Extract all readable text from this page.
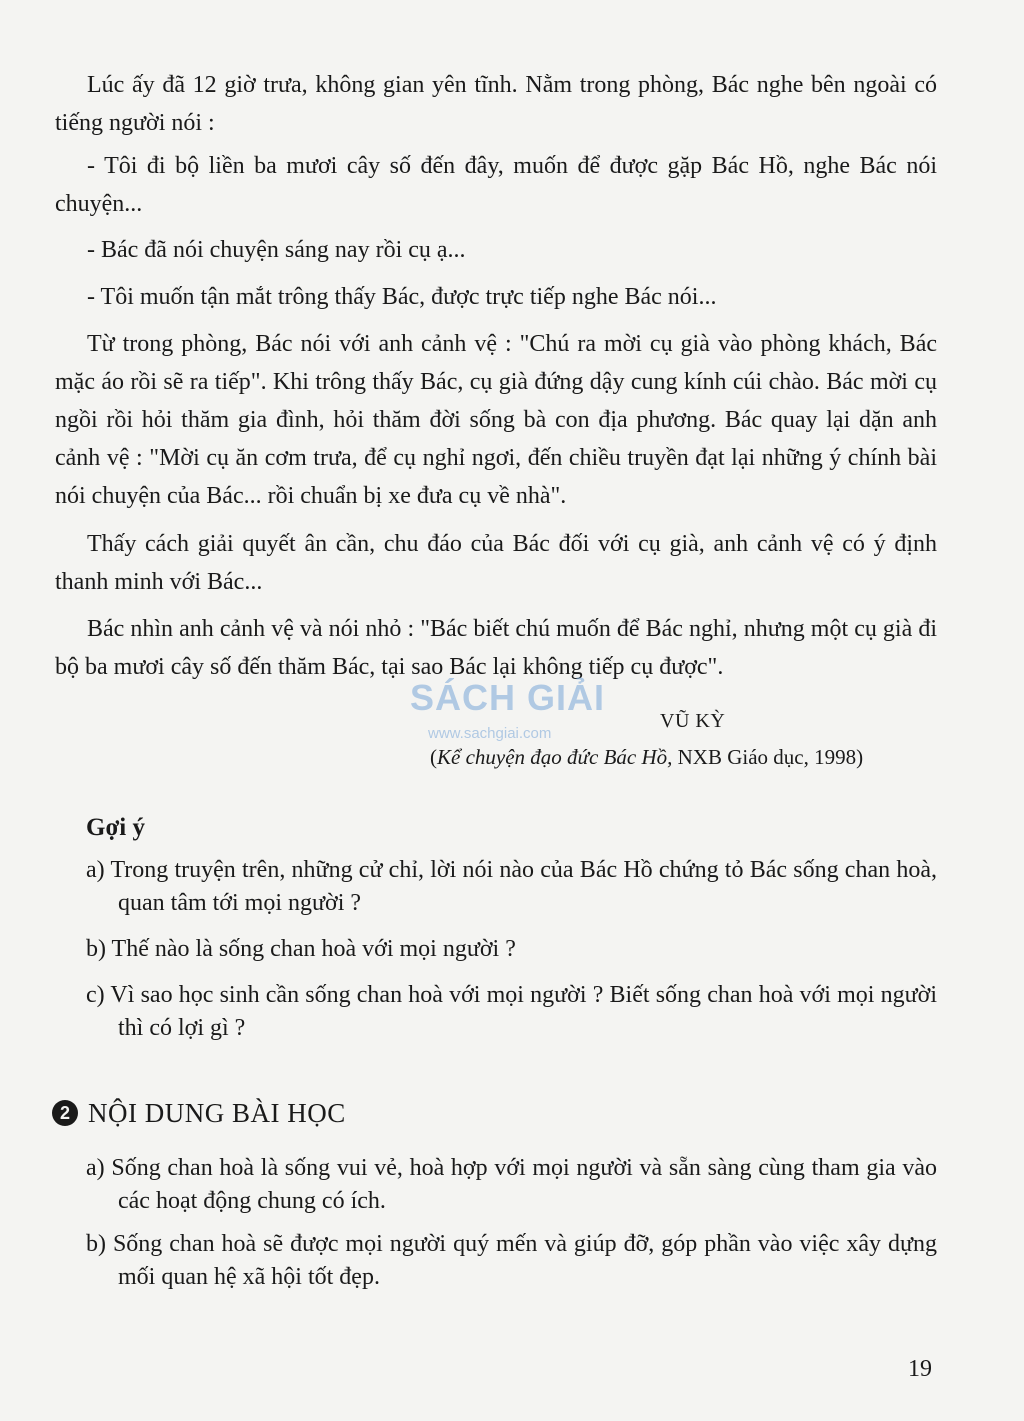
Lúc ấy đã 12 giờ trưa, không gian yên tĩnh. Nằm trong phòng, Bác nghe bên ngoài có tiếng người nói :

- Tôi đi bộ liền ba mươi cây số đến đây, muốn để được gặp Bác Hồ, nghe Bác nói chuyện...

- Bác đã nói chuyện sáng nay rồi cụ ạ...

- Tôi muốn tận mắt trông thấy Bác, được trực tiếp nghe Bác nói...

Từ trong phòng, Bác nói với anh cảnh vệ : "Chú ra mời cụ già vào phòng khách, Bác mặc áo rồi sẽ ra tiếp". Khi trông thấy Bác, cụ già đứng dậy cung kính cúi chào. Bác mời cụ ngồi rồi hỏi thăm gia đình, hỏi thăm đời sống bà con địa phương. Bác quay lại dặn anh cảnh vệ : "Mời cụ ăn cơm trưa, để cụ nghỉ ngơi, đến chiều truyền đạt lại những ý chính bài nói chuyện của Bác... rồi chuẩn bị xe đưa cụ về nhà".

Thấy cách giải quyết ân cần, chu đáo của Bác đối với cụ già, anh cảnh vệ có ý định thanh minh với Bác...

Bác nhìn anh cảnh vệ và nói nhỏ : "Bác biết chú muốn để Bác nghỉ, nhưng một cụ già đi bộ ba mươi cây số đến thăm Bác, tại sao Bác lại không tiếp cụ được".

SÁCH GIẢI
www.sachgiai.com
VŨ KỲ
(Kể chuyện đạo đức Bác Hồ, NXB Giáo dục, 1998)
Gợi ý

a) Trong truyện trên, những cử chỉ, lời nói nào của Bác Hồ chứng tỏ Bác sống chan hoà, quan tâm tới mọi người ?

b) Thế nào là sống chan hoà với mọi người ?

c) Vì sao học sinh cần sống chan hoà với mọi người ? Biết sống chan hoà với mọi người thì có lợi gì ?

2 NỘI DUNG BÀI HỌC

a) Sống chan hoà là sống vui vẻ, hoà hợp với mọi người và sẵn sàng cùng tham gia vào các hoạt động chung có ích.

b) Sống chan hoà sẽ được mọi người quý mến và giúp đỡ, góp phần vào việc xây dựng mối quan hệ xã hội tốt đẹp.

19
